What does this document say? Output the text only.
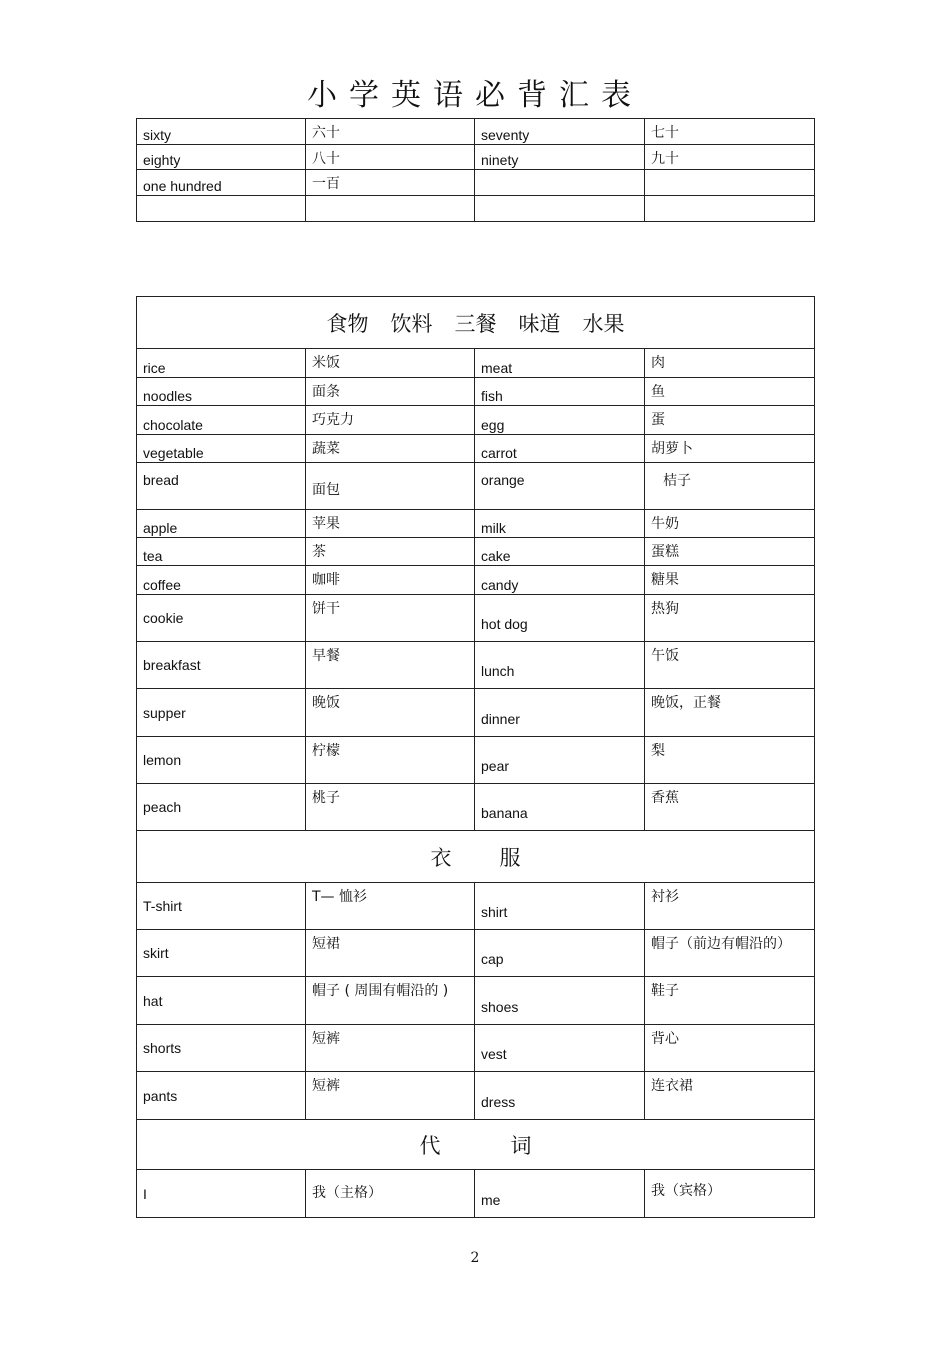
小学英语必背汇表
sixty	六十	seventy	七十
eighty	八十	ninety	九十
one hundred	一百		

食物 饮料 三餐 味道 水果			
rice	米饭	meat	肉
noodles	面条	fish	鱼
chocolate	巧克力	egg	蛋
vegetable	蔬菜	carrot	胡萝卜
bread	面包	orange	桔子
apple	苹果	milk	牛奶
tea	茶	cake	蛋糕
coffee	咖啡	candy	糖果
cookie	饼干	hot dog	热狗
breakfast	早餐	lunch	午饭
supper	晚饭	dinner	晚饭，正餐
lemon	柠檬	pear	梨
peach	桃子	banana	香蕉
衣 服			
T-shirt	T— 恤衫	shirt	衬衫
skirt	短裙	cap	帽子（前边有帽沿的）
hat	帽子 ( 周围有帽沿的 )	shoes	鞋子
shorts	短裤	vest	背心
pants	短裤	dress	连衣裙
代 词			
I	我（主格）	me	我（宾格）
2
